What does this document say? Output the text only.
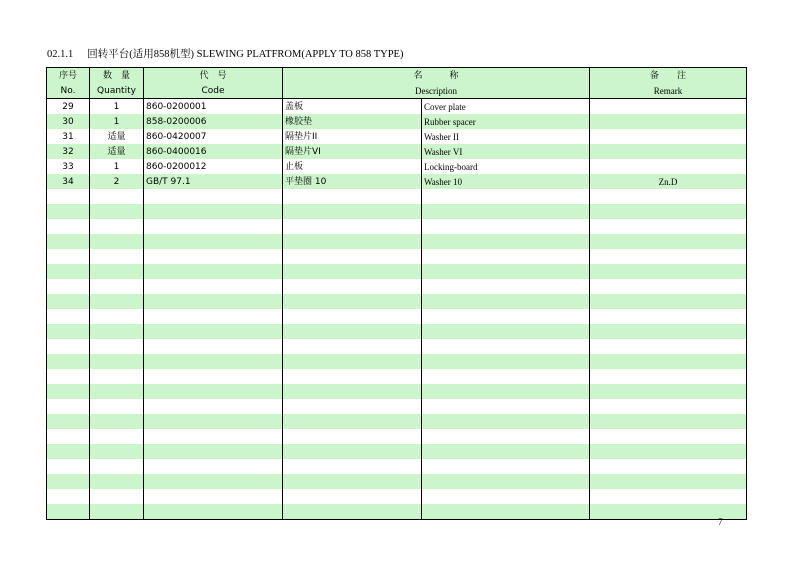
02.1.1 回转平台(适用858机型) SLEWING PLATFROM(APPLY TO 858 TYPE)
序号	数　量	代　号	名　　　称		备　　注
No.	Quantity	Code	Description		Remark
29	1	860-0200001	盖板	Cover plate	
30	1	858-0200006	橡胶垫	Rubber spacer	
31	适量	860-0420007	隔垫片II	Washer II	
32	适量	860-0400016	隔垫片VI	Washer VI	
33	1	860-0200012	止板	Locking-board	
34	2	GB/T 97.1	平垫圈 10	Washer 10	Zn.D

7
